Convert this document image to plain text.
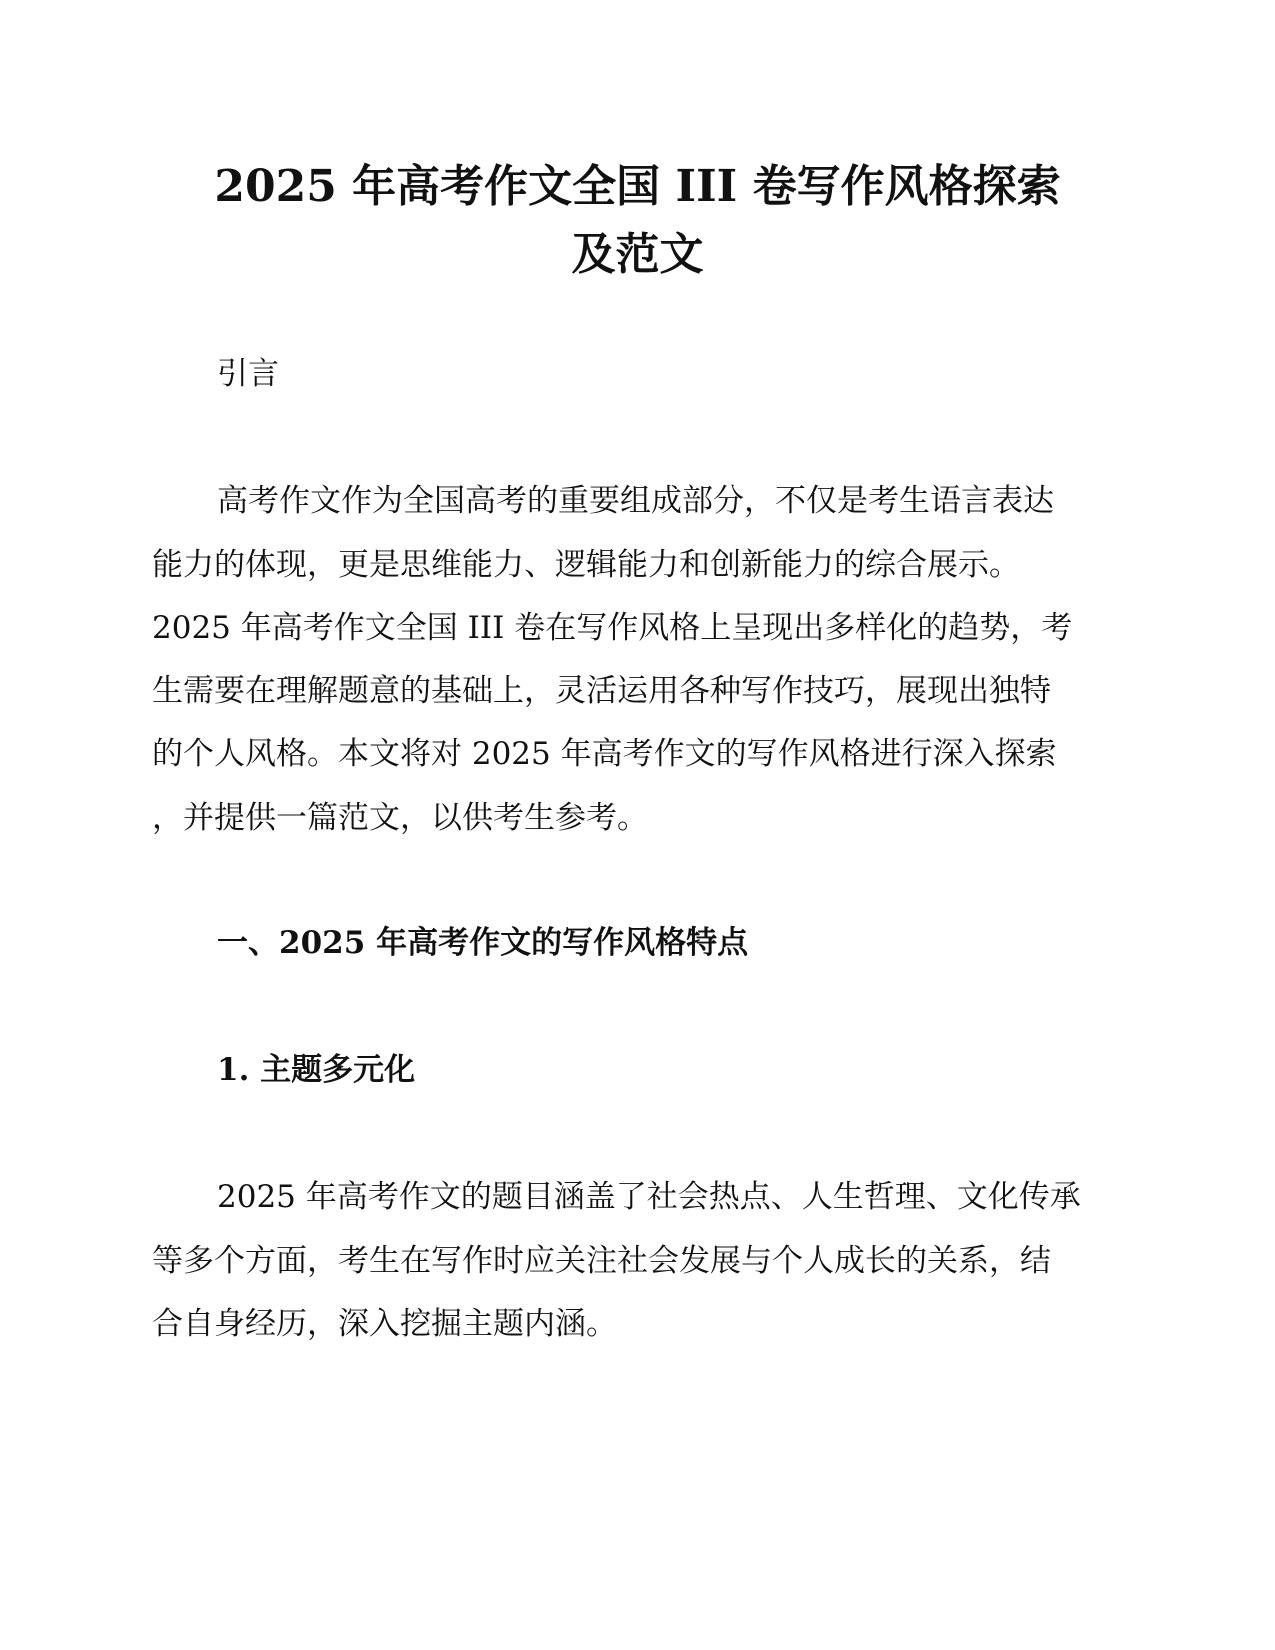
2025 年高考作文全国 III 卷写作风格探索
及范文

引言

高考作文作为全国高考的重要组成部分，不仅是考生语言表达

能力的体现，更是思维能力、逻辑能力和创新能力的综合展示。

2025 年高考作文全国 III 卷在写作风格上呈现出多样化的趋势，考

生需要在理解题意的基础上，灵活运用各种写作技巧，展现出独特

的个人风格。本文将对 2025 年高考作文的写作风格进行深入探索

，并提供一篇范文，以供考生参考。

一、2025 年高考作文的写作风格特点

1. 主题多元化

2025 年高考作文的题目涵盖了社会热点、人生哲理、文化传承

等多个方面，考生在写作时应关注社会发展与个人成长的关系，结

合自身经历，深入挖掘主题内涵。
